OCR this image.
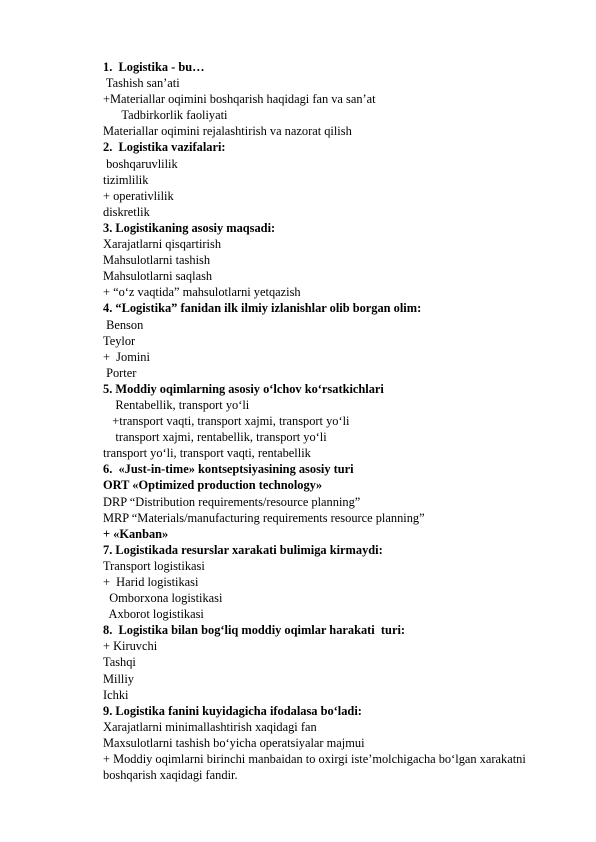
1.  Logistika - bu…
Tashish san’ati
+Materiallar oqimini boshqarish haqidagi fan va san’at
Tadbirkorlik faoliyati
Materiallar oqimini rejalashtirish va nazorat qilish
2.  Logistika vazifalari:
boshqaruvlilik
tizimlilik
+ operativlilik
diskretlik
3. Logistikaning asosiy maqsadi:
Xarajatlarni qisqartirish
Mahsulotlarni tashish
Mahsulotlarni saqlash
+ “o‘z vaqtida” mahsulotlarni yetqazish
4. “Logistika” fanidan ilk ilmiy izlanishlar olib borgan olim:
Benson
Teylor
+  Jomini
Porter
5. Moddiy oqimlarning asosiy o‘lchov ko‘rsatkichlari
Rentabellik, transport yo‘li
+transport vaqti, transport xajmi, transport yo‘li
transport xajmi, rentabellik, transport yo‘li
transport yo‘li, transport vaqti, rentabellik
6.  «Just-in-time» kontseptsiyasining asosiy turi
ORT «Optimized production technology»
DRP “Distribution requirements/resource planning”
MRP “Materials/manufacturing requirements resource planning”
+ «Kanban»
7. Logistikada resurslar xarakati bulimiga kirmaydi:
Transport logistikasi
+  Harid logistikasi
Omborxona logistikasi
Axborot logistikasi
8.  Logistika bilan bog‘liq moddiy oqimlar harakati  turi:
+ Kiruvchi
Tashqi
Milliy
Ichki
9. Logistika fanini kuyidagicha ifodalasa bo‘ladi:
Xarajatlarni minimallashtirish xaqidagi fan
Maxsulotlarni tashish bo‘yicha operatsiyalar majmui
+ Moddiy oqimlarni birinchi manbaidan to oxirgi iste’molchigacha bo‘lgan xarakatni boshqarish xaqidagi fandir.
